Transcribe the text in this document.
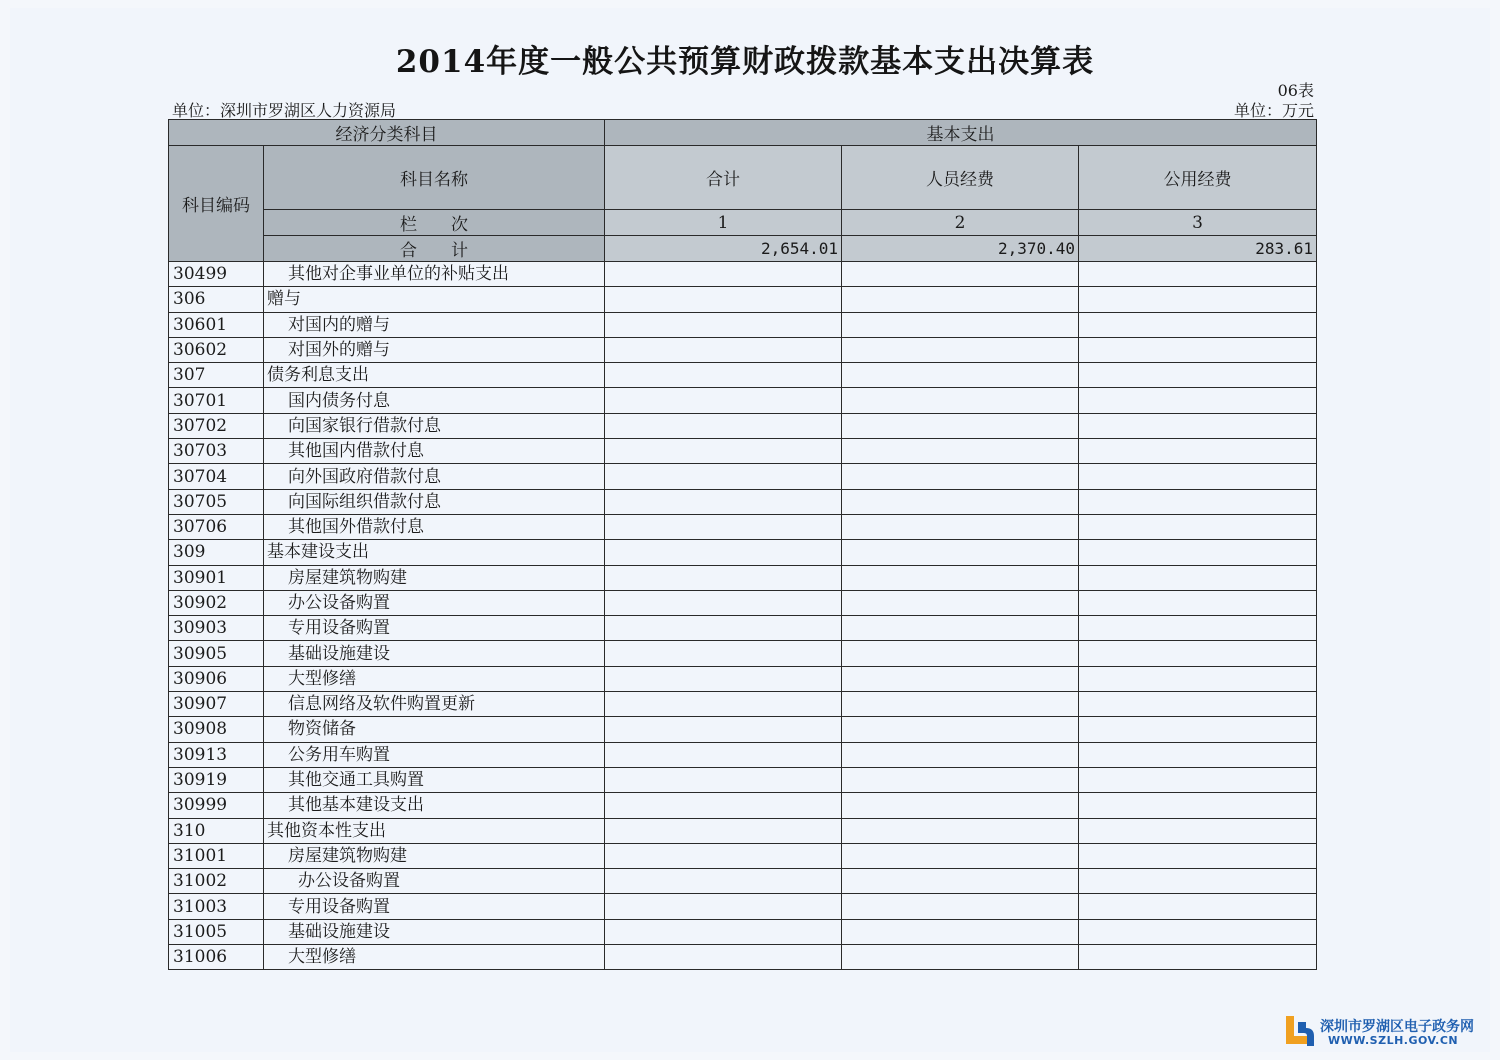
2014年度一般公共预算财政拨款基本支出决算表
06表
单位：深圳市罗湖区人力资源局	单位：万元
经济分类科目		基本支出		
科目编码	科目名称	合计	人员经费	公用经费
	栏次	1	2	3
	合计	2,654.01	2,370.40	283.61
30499	其他对企事业单位的补贴支出			
306	赠与			
30601	对国内的赠与			
30602	对国外的赠与			
307	债务利息支出			
30701	国内债务付息			
30702	向国家银行借款付息			
30703	其他国内借款付息			
30704	向外国政府借款付息			
30705	向国际组织借款付息			
30706	其他国外借款付息			
309	基本建设支出			
30901	房屋建筑物购建			
30902	办公设备购置			
30903	专用设备购置			
30905	基础设施建设			
30906	大型修缮			
30907	信息网络及软件购置更新			
30908	物资储备			
30913	公务用车购置			
30919	其他交通工具购置			
30999	其他基本建设支出			
310	其他资本性支出			
31001	房屋建筑物购建			
31002	办公设备购置			
31003	专用设备购置			
31005	基础设施建设			
31006	大型修缮			
深圳市罗湖区电子政务网
WWW.SZLH.GOV.CN
